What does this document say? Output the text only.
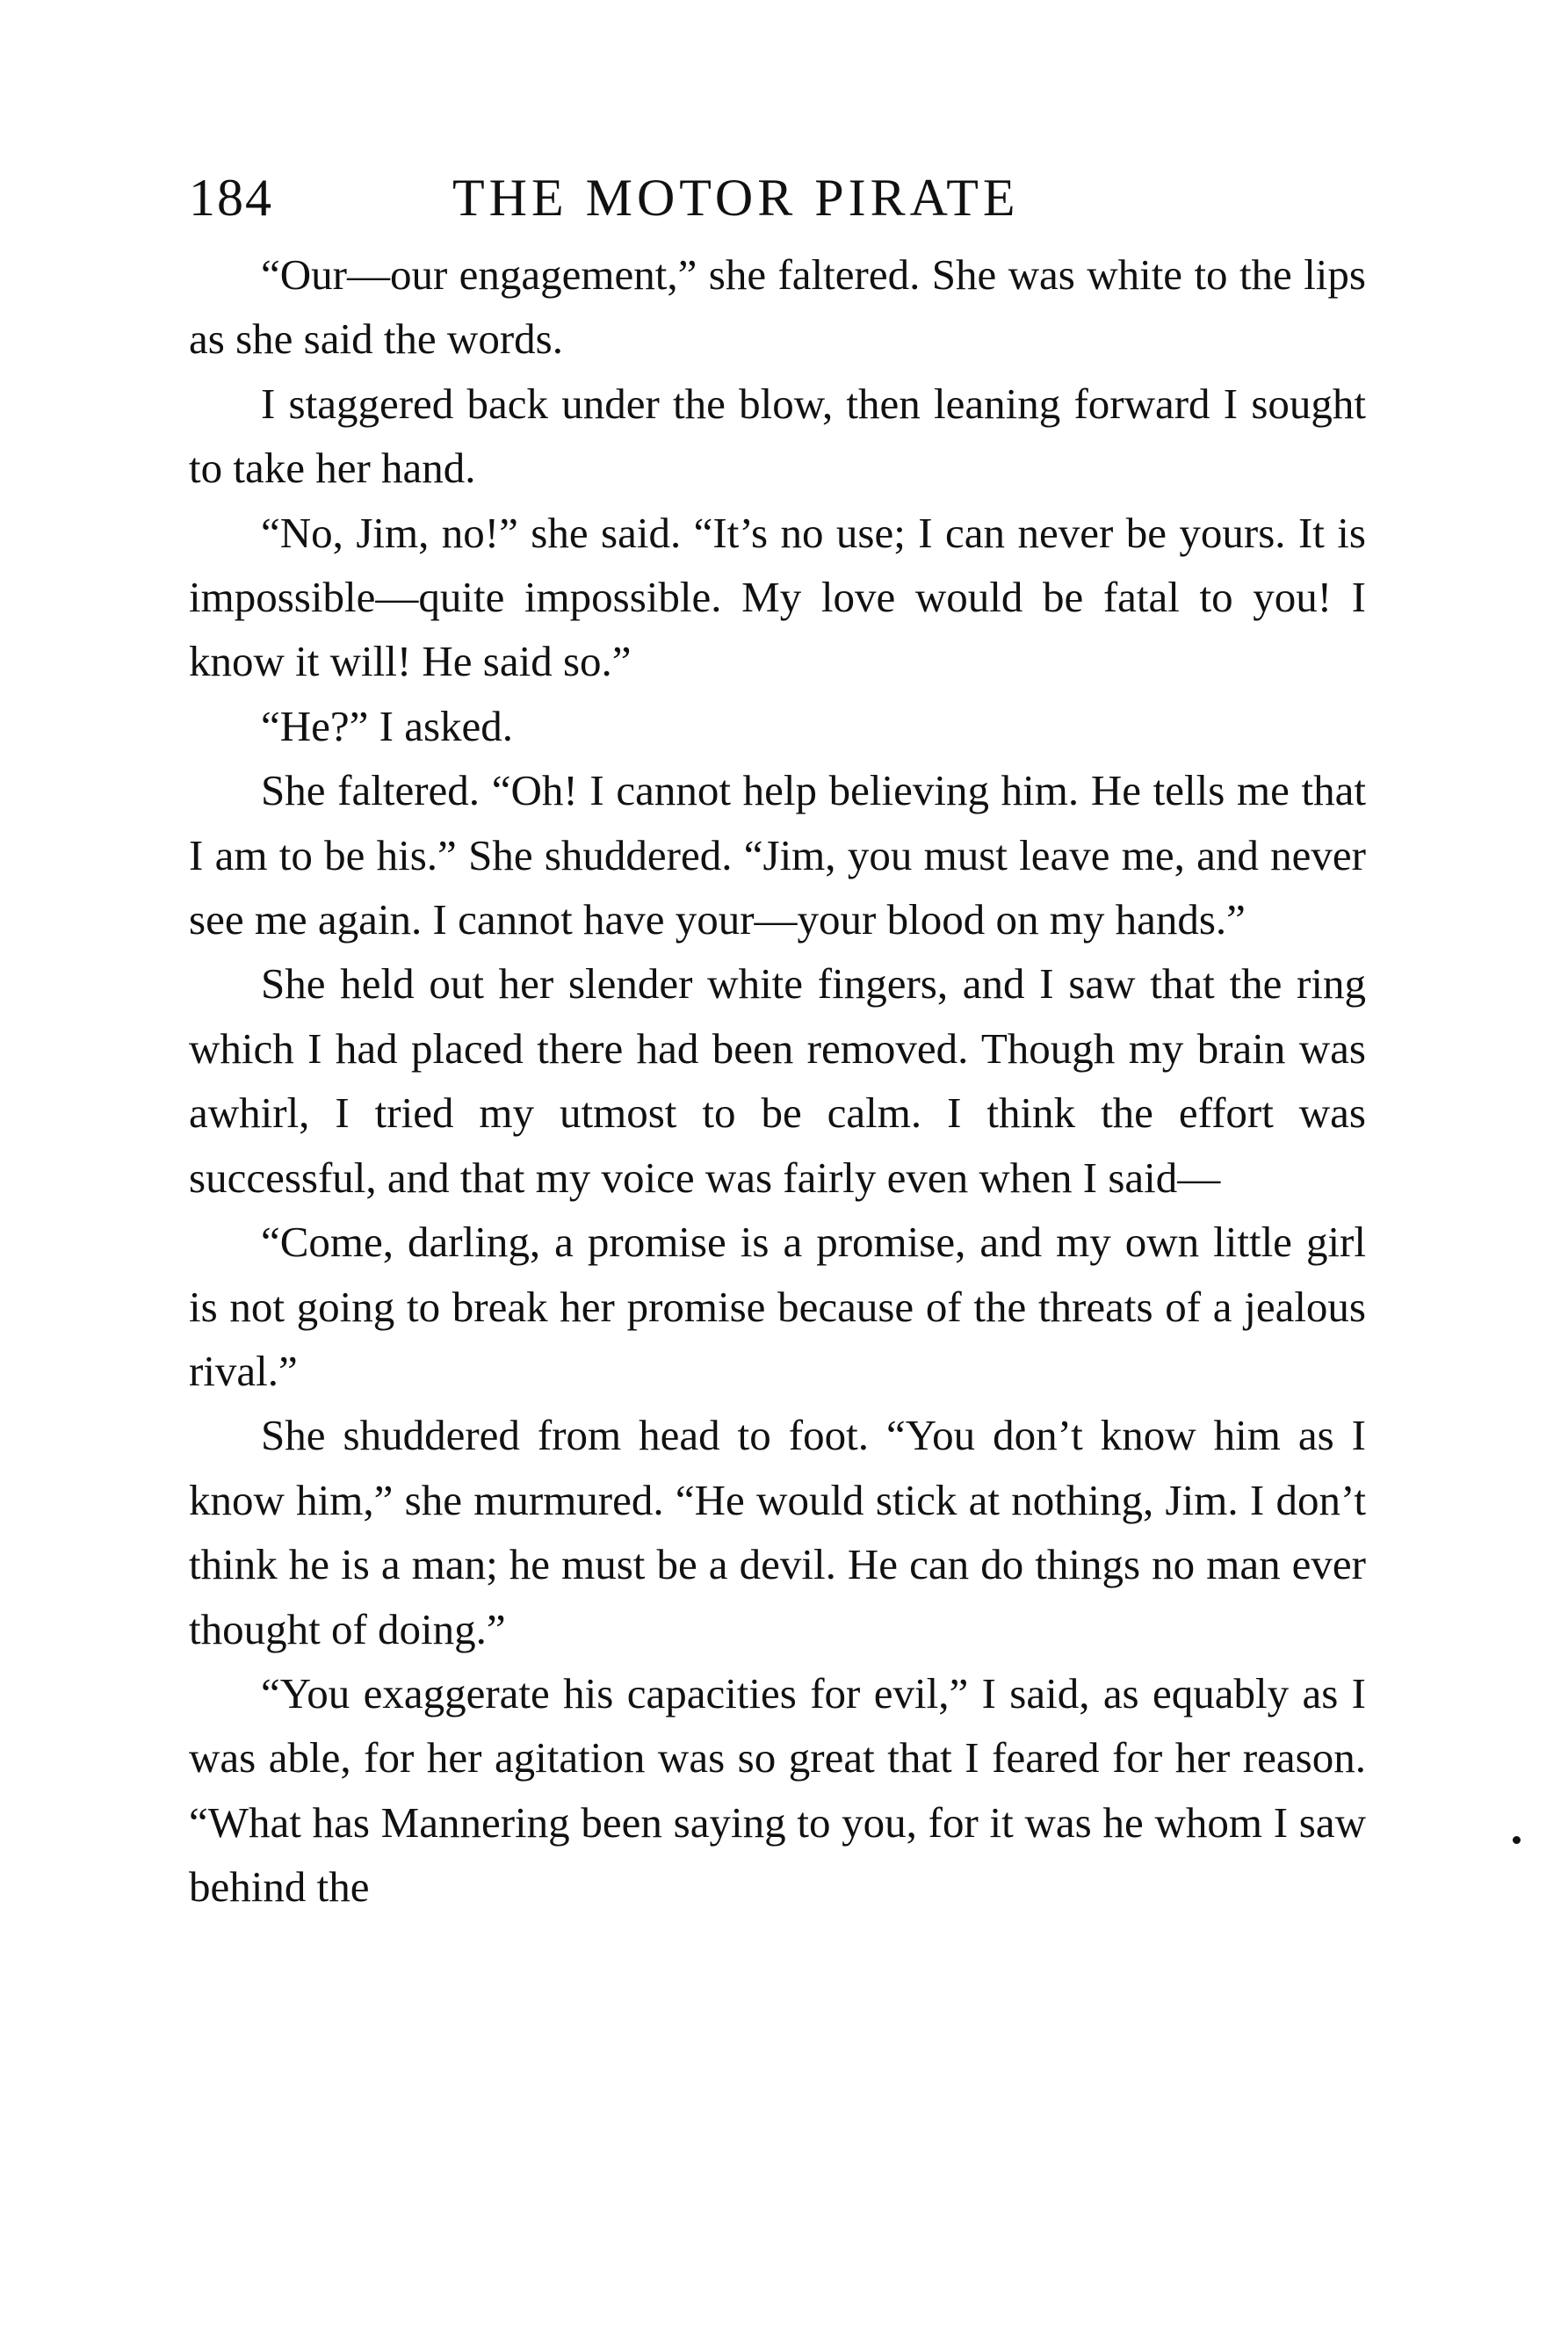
184	THE MOTOR PIRATE

“Our—our engagement,” she faltered. She was white to the lips as she said the words.

I staggered back under the blow, then leaning forward I sought to take her hand.

“No, Jim, no!” she said. “It’s no use; I can never be yours. It is impossible—quite impossible. My love would be fatal to you! I know it will! He said so.”

“He?” I asked.

She faltered. “Oh! I cannot help believing him. He tells me that I am to be his.” She shuddered. “Jim, you must leave me, and never see me again. I cannot have your—your blood on my hands.”

She held out her slender white fingers, and I saw that the ring which I had placed there had been removed. Though my brain was awhirl, I tried my utmost to be calm. I think the effort was successful, and that my voice was fairly even when I said—

“Come, darling, a promise is a promise, and my own little girl is not going to break her promise because of the threats of a jealous rival.”

She shuddered from head to foot. “You don’t know him as I know him,” she murmured. “He would stick at nothing, Jim. I don’t think he is a man; he must be a devil. He can do things no man ever thought of doing.”

“You exaggerate his capacities for evil,” I said, as equably as I was able, for her agitation was so great that I feared for her reason. “What has Mannering been saying to you, for it was he whom I saw behind the
